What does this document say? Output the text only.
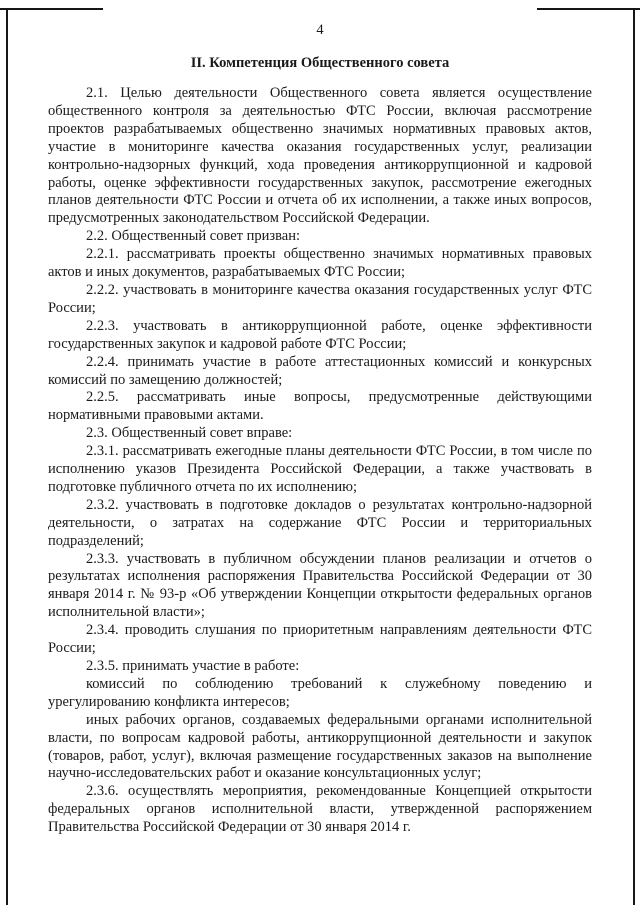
4
II. Компетенция Общественного совета

2.1. Целью деятельности Общественного совета является осуществление общественного контроля за деятельностью ФТС России, включая рассмотрение проектов разрабатываемых общественно значимых нормативных правовых актов, участие в мониторинге качества оказания государственных услуг, реализации контрольно-надзорных функций, хода проведения антикоррупционной и кадровой работы, оценке эффективности государственных закупок, рассмотрение ежегодных планов деятельности ФТС России и отчета об их исполнении, а также иных вопросов, предусмотренных законодательством Российской Федерации.

2.2. Общественный совет призван:

2.2.1. рассматривать проекты общественно значимых нормативных правовых актов и иных документов, разрабатываемых ФТС России;

2.2.2. участвовать в мониторинге качества оказания государственных услуг ФТС России;

2.2.3. участвовать в антикоррупционной работе, оценке эффективности государственных закупок и кадровой работе ФТС России;

2.2.4. принимать участие в работе аттестационных комиссий и конкурсных комиссий по замещению должностей;

2.2.5. рассматривать иные вопросы, предусмотренные действующими нормативными правовыми актами.

2.3. Общественный совет вправе:

2.3.1. рассматривать ежегодные планы деятельности ФТС России, в том числе по исполнению указов Президента Российской Федерации, а также участвовать в подготовке публичного отчета по их исполнению;

2.3.2. участвовать в подготовке докладов о результатах контрольно-надзорной деятельности, о затратах на содержание ФТС России и территориальных подразделений;

2.3.3. участвовать в публичном обсуждении планов реализации и отчетов о результатах исполнения распоряжения Правительства Российской Федерации от 30 января 2014 г. № 93-р «Об утверждении Концепции открытости федеральных органов исполнительной власти»;

2.3.4. проводить слушания по приоритетным направлениям деятельности ФТС России;

2.3.5. принимать участие в работе:

комиссий по соблюдению требований к служебному поведению и урегулированию конфликта интересов;

иных рабочих органов, создаваемых федеральными органами исполнительной власти, по вопросам кадровой работы, антикоррупционной деятельности и закупок (товаров, работ, услуг), включая размещение государственных заказов на выполнение научно-исследовательских работ и оказание консультационных услуг;

2.3.6. осуществлять мероприятия, рекомендованные Концепцией открытости федеральных органов исполнительной власти, утвержденной распоряжением Правительства Российской Федерации от 30 января 2014 г.
